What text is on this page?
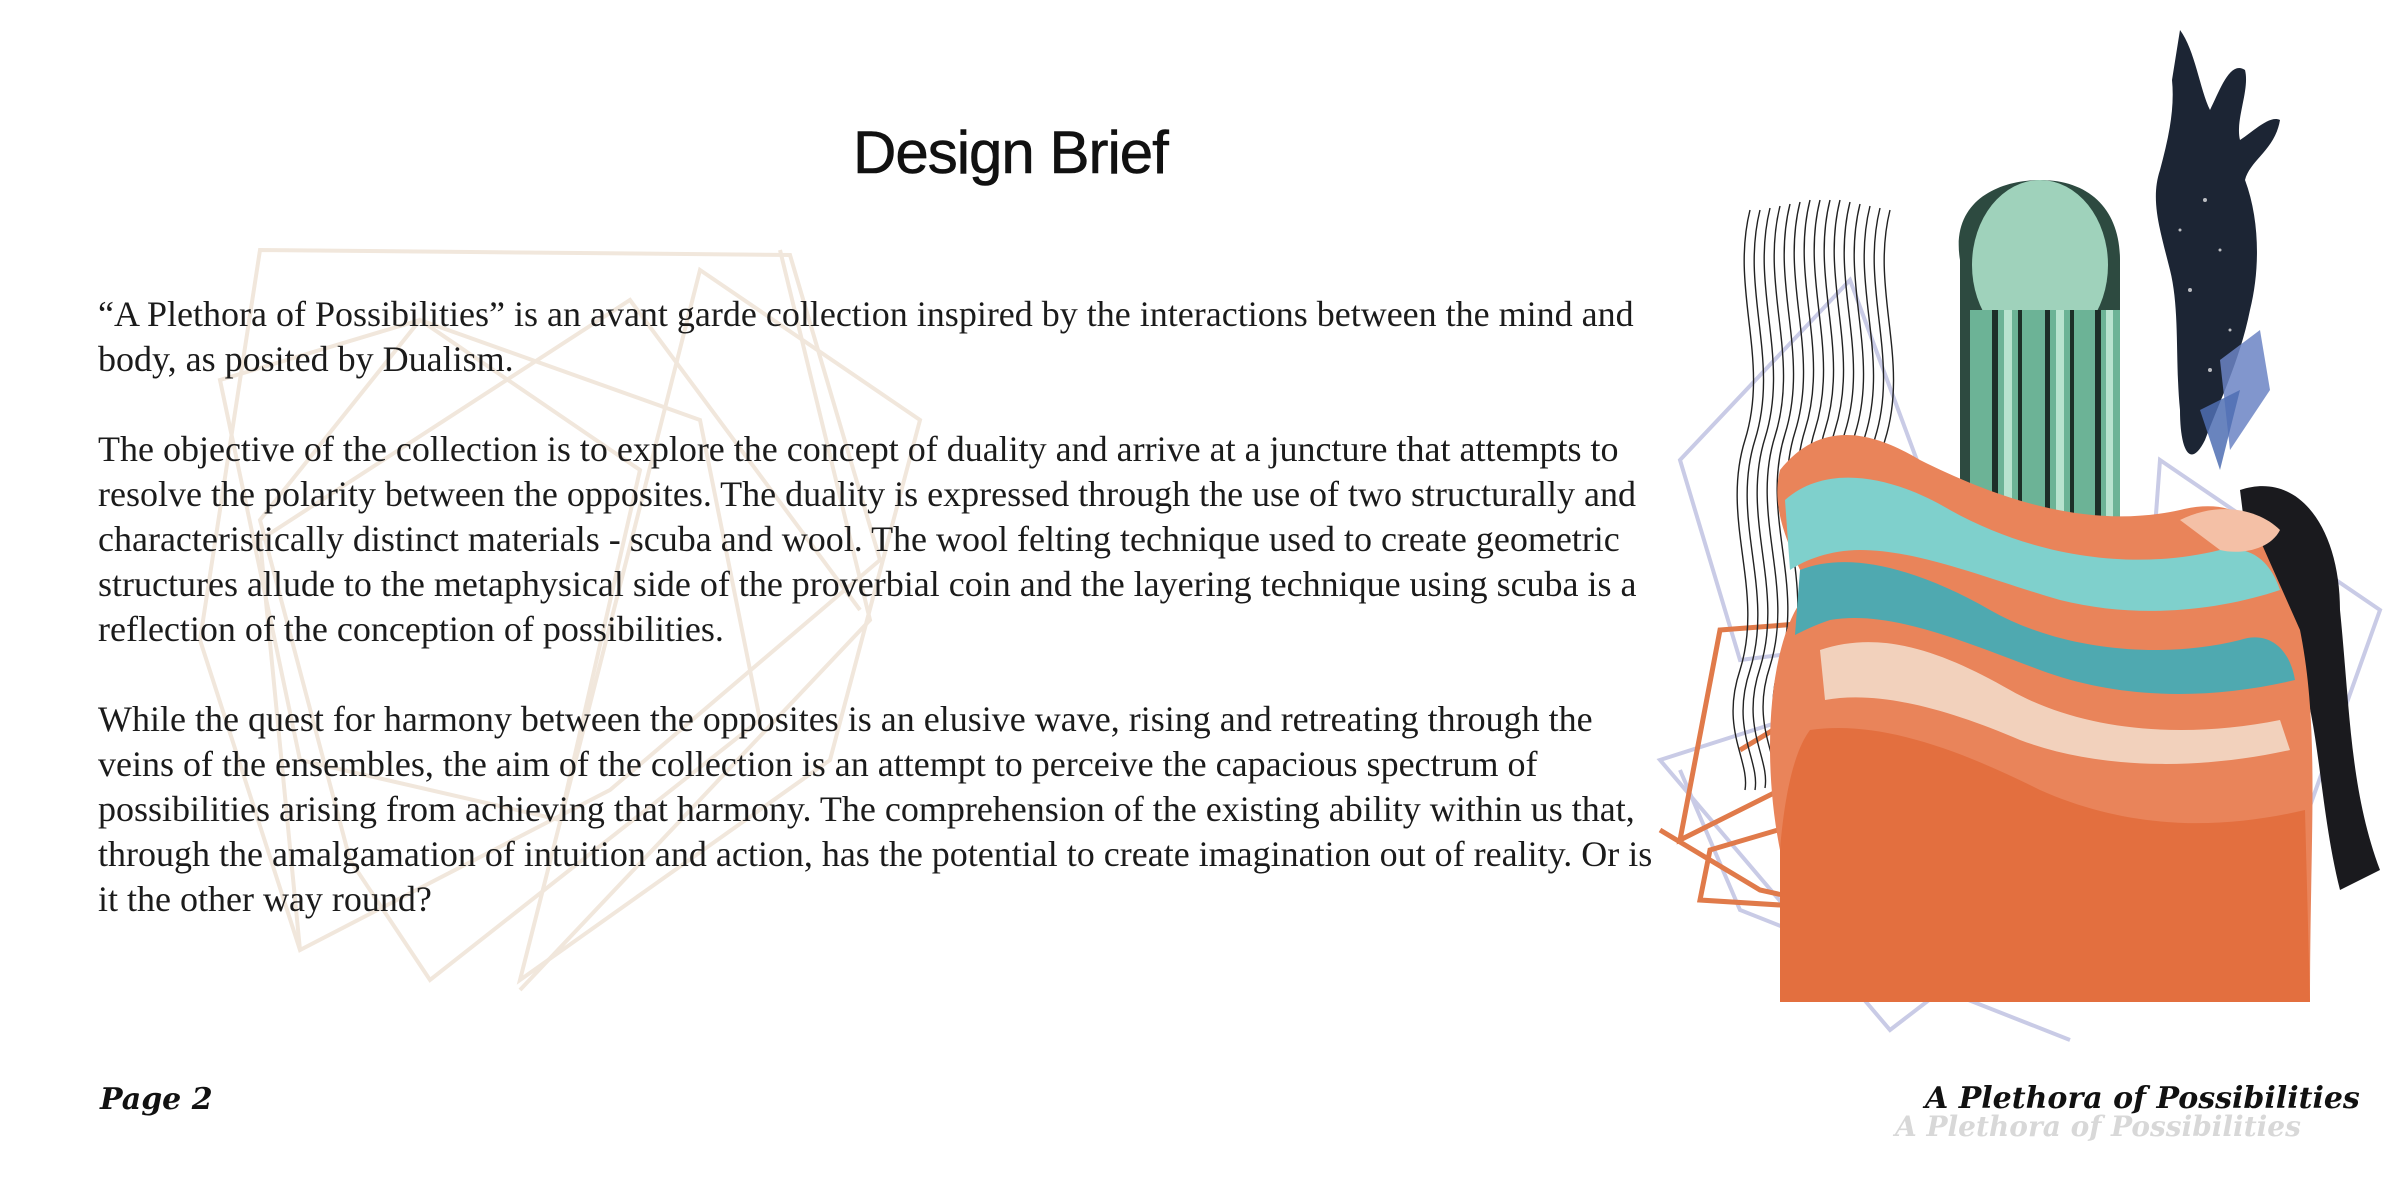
Design Brief

“A Plethora of Possibilities” is an avant garde collection inspired by the interactions between the mind and body, as posited by Dualism.

The objective of the collection is to explore the concept of duality and arrive at a juncture that attempts to resolve the polarity between the opposites. The duality is expressed through the use of two structurally and characteristically distinct materials - scuba and wool. The wool felting technique used to create geometric structures allude to the metaphysical side of the proverbial coin and the layering technique using scuba is a reflection of the conception of possibilities.

While the quest for harmony between the opposites is an elusive wave, rising and retreating through the veins of the ensembles, the aim of the collection is an attempt to perceive the capacious spectrum of possibilities arising from achieving that harmony. The comprehension of the existing ability within us that, through the amalgamation of intuition and action, has the potential to create imagination out of reality. Or is it the other way round?

Page 2
A Plethora of Possibilities
A Plethora of Possibilities
